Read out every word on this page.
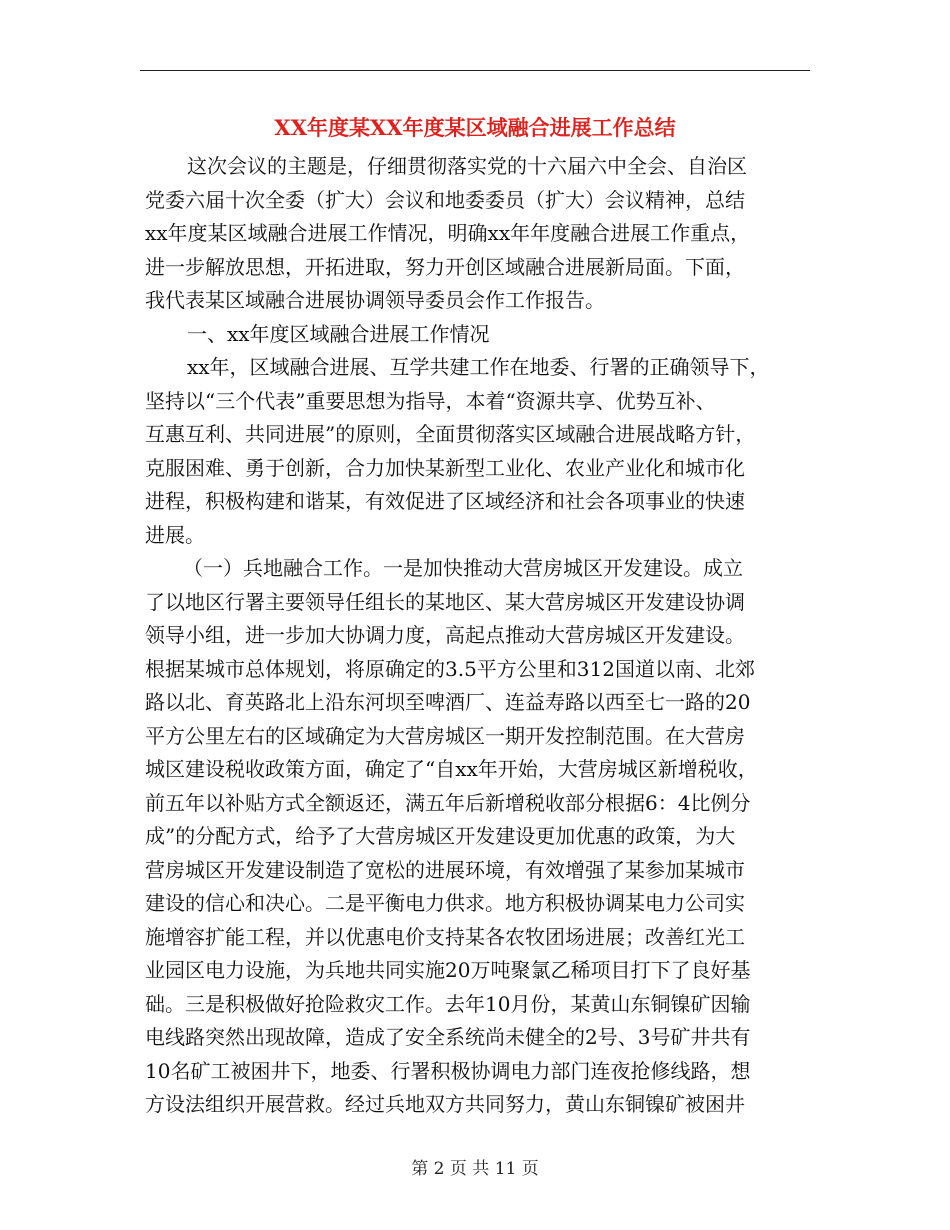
XX年度某XX年度某区域融合进展工作总结
这次会议的主题是，仔细贯彻落实党的十六届六中全会、自治区
党委六届十次全委（扩大）会议和地委委员（扩大）会议精神，总结
xx年度某区域融合进展工作情况，明确xx年年度融合进展工作重点，
进一步解放思想，开拓进取，努力开创区域融合进展新局面。下面，
我代表某区域融合进展协调领导委员会作工作报告。
一、xx年度区域融合进展工作情况
xx年，区域融合进展、互学共建工作在地委、行署的正确领导下，
坚持以“三个代表”重要思想为指导，本着“资源共享、优势互补、
互惠互利、共同进展”的原则，全面贯彻落实区域融合进展战略方针，
克服困难、勇于创新，合力加快某新型工业化、农业产业化和城市化
进程，积极构建和谐某，有效促进了区域经济和社会各项事业的快速
进展。
（一）兵地融合工作。一是加快推动大营房城区开发建设。成立
了以地区行署主要领导任组长的某地区、某大营房城区开发建设协调
领导小组，进一步加大协调力度，高起点推动大营房城区开发建设。
根据某城市总体规划，将原确定的3.5平方公里和312国道以南、北郊
路以北、育英路北上沿东河坝至啤酒厂、连益寿路以西至七一路的20
平方公里左右的区域确定为大营房城区一期开发控制范围。在大营房
城区建设税收政策方面，确定了“自xx年开始，大营房城区新增税收，
前五年以补贴方式全额返还，满五年后新增税收部分根据6：4比例分
成”的分配方式，给予了大营房城区开发建设更加优惠的政策，为大
营房城区开发建设制造了宽松的进展环境，有效增强了某参加某城市
建设的信心和决心。二是平衡电力供求。地方积极协调某电力公司实
施增容扩能工程，并以优惠电价支持某各农牧团场进展；改善红光工
业园区电力设施，为兵地共同实施20万吨聚氯乙稀项目打下了良好基
础。三是积极做好抢险救灾工作。去年10月份，某黄山东铜镍矿因输
电线路突然出现故障，造成了安全系统尚未健全的2号、3号矿井共有
10名矿工被困井下，地委、行署积极协调电力部门连夜抢修线路，想
方设法组织开展营救。经过兵地双方共同努力，黄山东铜镍矿被困井
第 2 页 共 11 页
